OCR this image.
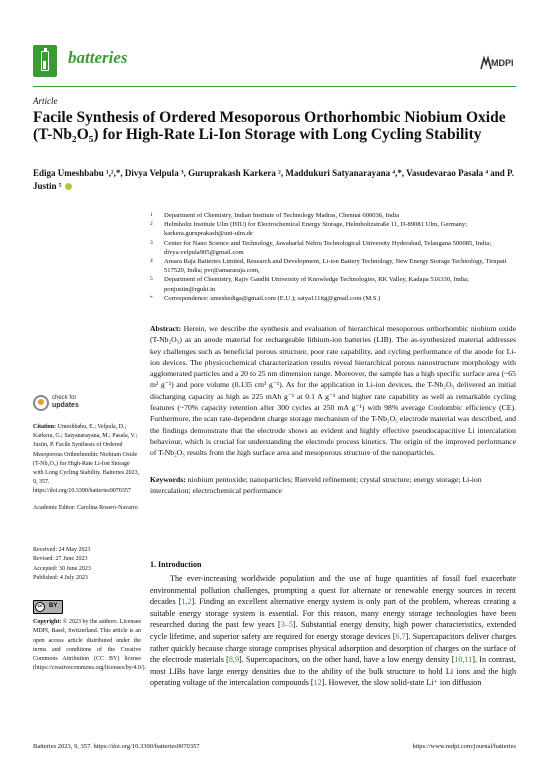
batteries	MDPI
Article
Facile Synthesis of Ordered Mesoporous Orthorhombic Niobium Oxide (T-Nb₂O₅) for High-Rate Li-Ion Storage with Long Cycling Stability
Ediga Umeshbabu ¹,²,*, Divya Velpula ³, Guruprakash Karkera ², Maddukuri Satyanarayana ⁴,*, Vasudevarao Pasala ⁴ and P. Justin ⁵
1 Department of Chemistry, Indian Institute of Technology Madras, Chennai 600036, India
2 Helmholtz Institute Ulm (HIU) for Electrochemical Energy Storage, Helmholtzstraße 11, D-89081 Ulm, Germany; karkera.guruprakash@uni-ulm.de
3 Center for Nano Science and Technology, Jawaharlal Nehru Technological University Hyderabad, Telangana 500085, India; divya.velpula905@gmail.com
4 Amara Raja Batteries Limited, Research and Development, Li-ion Battery Technology, New Energy Storage Technology, Tirupati 517520, India; pvr@amararaja.com,
5 Department of Chemistry, Rajiv Gandhi University of Knowledge Technologies, RK Valley, Kadapa 516330, India; ponjustin@rgukt.in
* Correspondence: umeshediga@gmail.com (E.U.); satya111itg@gmail.com (M.S.)
Abstract: Herein, we describe the synthesis and evaluation of hierarchical mesoporous orthorhombic niobium oxide (T-Nb₂O₅) as an anode material for rechargeable lithium-ion batteries (LIB). The as-synthesized material addresses key challenges such as beneficial porous structure, poor rate capability, and cycling performance of the anode for Li-ion devices. The physicochemical characterization results reveal hierarchical porous nanostructure morphology with agglomerated particles and a 20 to 25 nm dimension range. Moreover, the sample has a high specific surface area (~65 m² g⁻¹) and pore volume (0.135 cm³ g⁻¹). As for the application in Li-ion devices, the T-Nb₂O₅ delivered an initial discharging capacity as high as 225 mAh g⁻¹ at 0.1 A g⁻¹ and higher rate capability as well as remarkable cycling features (~70% capacity retention after 300 cycles at 250 mA g⁻¹) with 98% average Coulombic efficiency (CE). Furthermore, the scan rate-dependent charge storage mechanism of the T-Nb₂O₅ electrode material was described, and the findings demonstrate that the electrode shows an evident and highly effective pseudocapacitive Li intercalation behaviour, which is crucial for understanding the electrode process kinetics. The origin of the improved performance of T-Nb₂O₅ results from the high surface area and mesoporous structure of the nanoparticles.
Keywords: niobium pentoxide; nanoparticles; Rietveld refinement; crystal structure; energy storage; Li-ion intercalation; electrochemical performance
check for
updates
Citation: Umeshbabu, E.; Velpula, D.; Karkera, G.; Satyanarayana, M.; Pasala, V.; Justin, P. Facile Synthesis of Ordered Mesoporous Orthorhombic Niobium Oxide (T-Nb₂O₅) for High-Rate Li-Ion Storage with Long Cycling Stability. Batteries 2023, 9, 357. https://doi.org/10.3390/batteries9070357
Academic Editor: Carolina Rosero-Navarro
Received: 24 May 2023
Revised: 27 June 2023
Accepted: 30 June 2023
Published: 4 July 2023
cc	BY
Copyright: © 2023 by the authors. Licensee MDPI, Basel, Switzerland. This article is an open access article distributed under the terms and conditions of the Creative Commons Attribution (CC BY) license (https://creativecommons.org/licenses/by/4.0/).
1. Introduction
The ever-increasing worldwide population and the use of huge quantities of fossil fuel exacerbate environmental pollution challenges, prompting a quest for alternate or renewable energy sources in recent decades [1,2]. Finding an excellent alternative energy system is only part of the problem, whereas creating a suitable energy storage system is essential. For this reason, many energy storage technologies have been researched during the past few years [3–5]. Substantial energy density, high power characteristics, extended cycle lifetime, and superior safety are required for energy storage devices [6,7]. Supercapacitors deliver charges rather quickly because charge storage comprises physical adsorption and desorption of charges on the surface of the electrode materials [8,9]. Supercapacitors, on the other hand, have a low energy density [10,11]. In contrast, most LIBs have large energy densities due to the ability of the bulk structure to hold Li ions and the high operating voltage of the intercalation compounds [12]. However, the slow solid-state Li⁺ ion diffusion
Batteries 2023, 9, 357. https://doi.org/10.3390/batteries9070357	https://www.mdpi.com/journal/batteries
